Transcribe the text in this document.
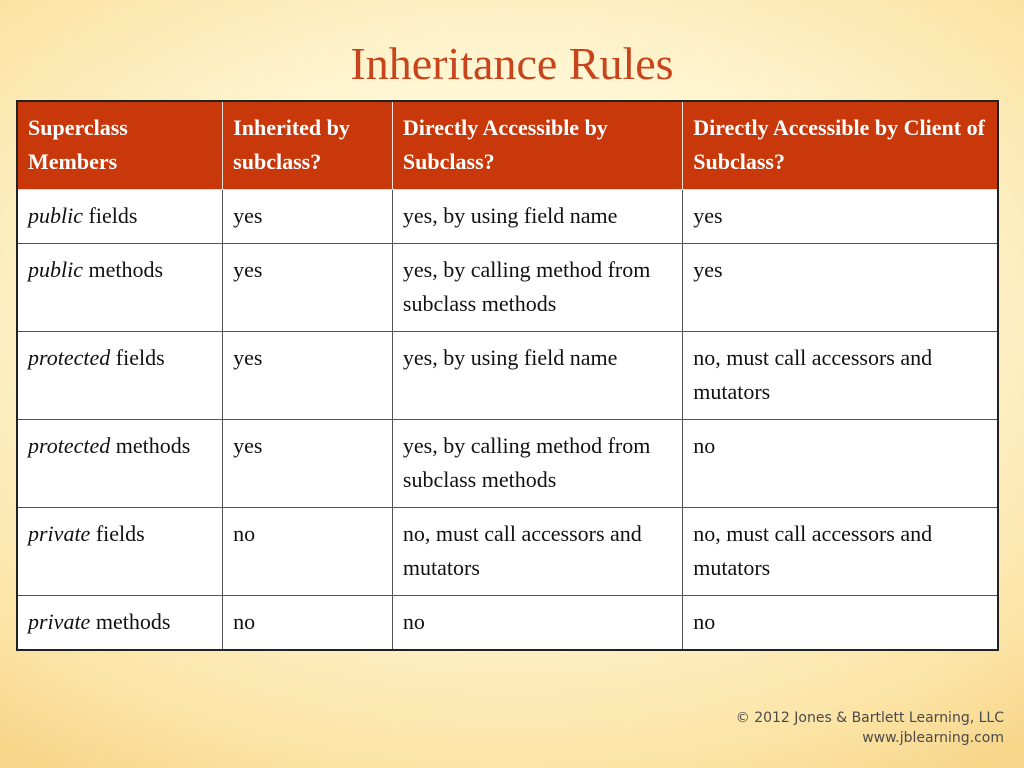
Inheritance Rules
Superclass Members	Inherited by subclass?	Directly Accessible by Subclass?	Directly Accessible by Client of Subclass?
public fields	yes	yes, by using field name	yes
public methods	yes	yes, by calling method from subclass methods	yes
protected fields	yes	yes, by using field name	no, must call accessors and mutators
protected methods	yes	yes, by calling method from subclass methods	no
private fields	no	no, must call accessors and mutators	no, must call accessors and mutators
private methods	no	no	no
© 2012 Jones & Bartlett Learning, LLC
www.jblearning.com
